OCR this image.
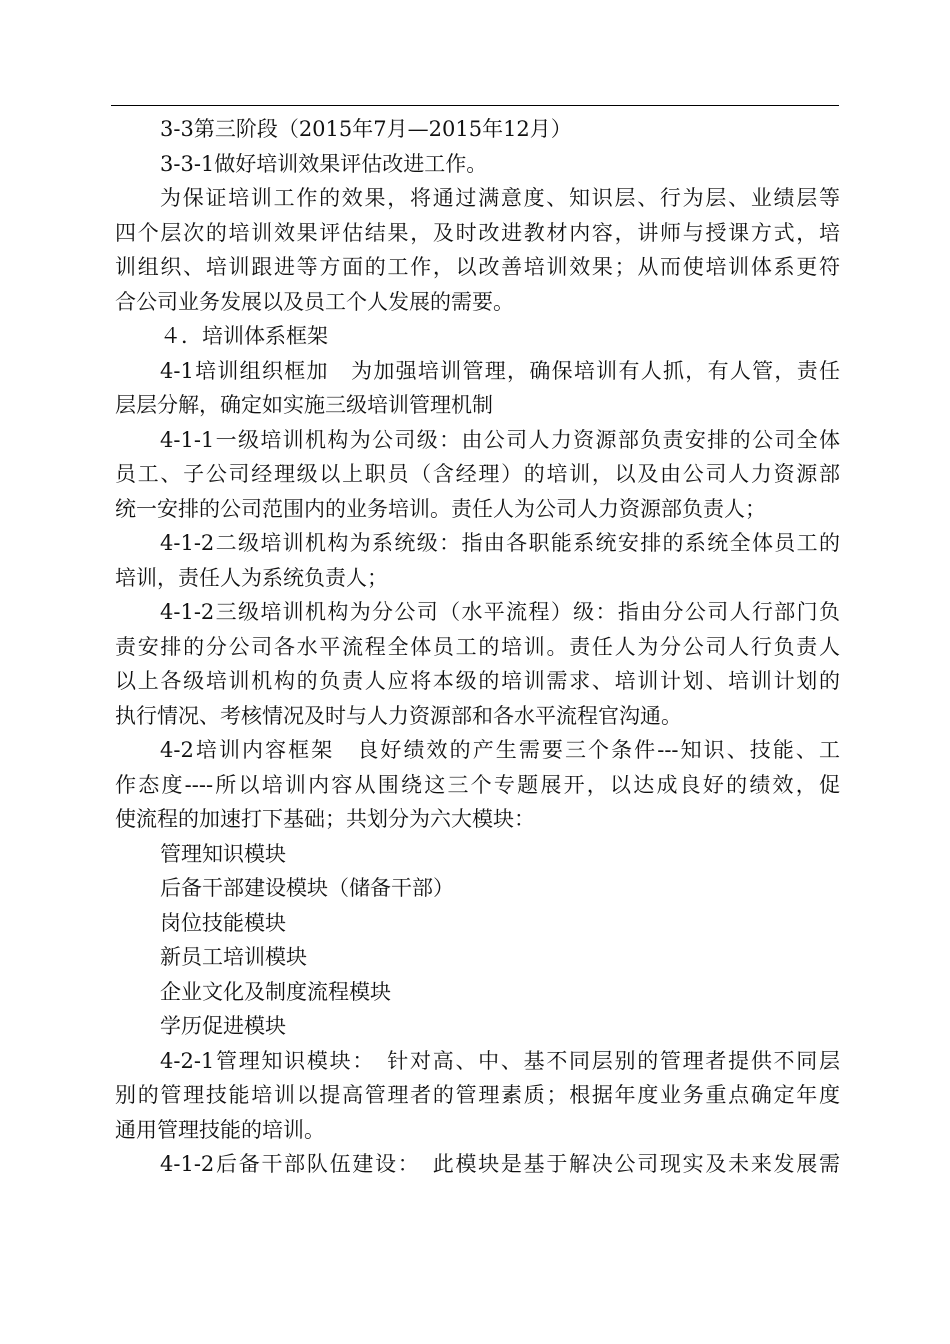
3-3第三阶段（2015年7月—2015年12月）
3-3-1做好培训效果评估改进工作。
为保证培训工作的效果，将通过满意度、知识层、行为层、业绩层等
四个层次的培训效果评估结果，及时改进教材内容，讲师与授课方式，培
训组织、培训跟进等方面的工作，以改善培训效果；从而使培训体系更符
合公司业务发展以及员工个人发展的需要。
４．培训体系框架
4-1培训组织框加　为加强培训管理，确保培训有人抓，有人管，责任
层层分解，确定如实施三级培训管理机制
4-1-1一级培训机构为公司级：由公司人力资源部负责安排的公司全体
员工、子公司经理级以上职员（含经理）的培训，以及由公司人力资源部
统一安排的公司范围内的业务培训。责任人为公司人力资源部负责人；
4-1-2二级培训机构为系统级：指由各职能系统安排的系统全体员工的
培训，责任人为系统负责人；
4-1-2三级培训机构为分公司（水平流程）级：指由分公司人行部门负
责安排的分公司各水平流程全体员工的培训。责任人为分公司人行负责人
以上各级培训机构的负责人应将本级的培训需求、培训计划、培训计划的
执行情况、考核情况及时与人力资源部和各水平流程官沟通。
4-2培训内容框架　良好绩效的产生需要三个条件---知识、技能、工
作态度----所以培训内容从围绕这三个专题展开，以达成良好的绩效，促
使流程的加速打下基础；共划分为六大模块：
管理知识模块
后备干部建设模块（储备干部）
岗位技能模块
新员工培训模块
企业文化及制度流程模块
学历促进模块
4-2-1管理知识模块：　针对高、中、基不同层别的管理者提供不同层
别的管理技能培训以提高管理者的管理素质；根据年度业务重点确定年度
通用管理技能的培训。
4-1-2后备干部队伍建设：　此模块是基于解决公司现实及未来发展需
